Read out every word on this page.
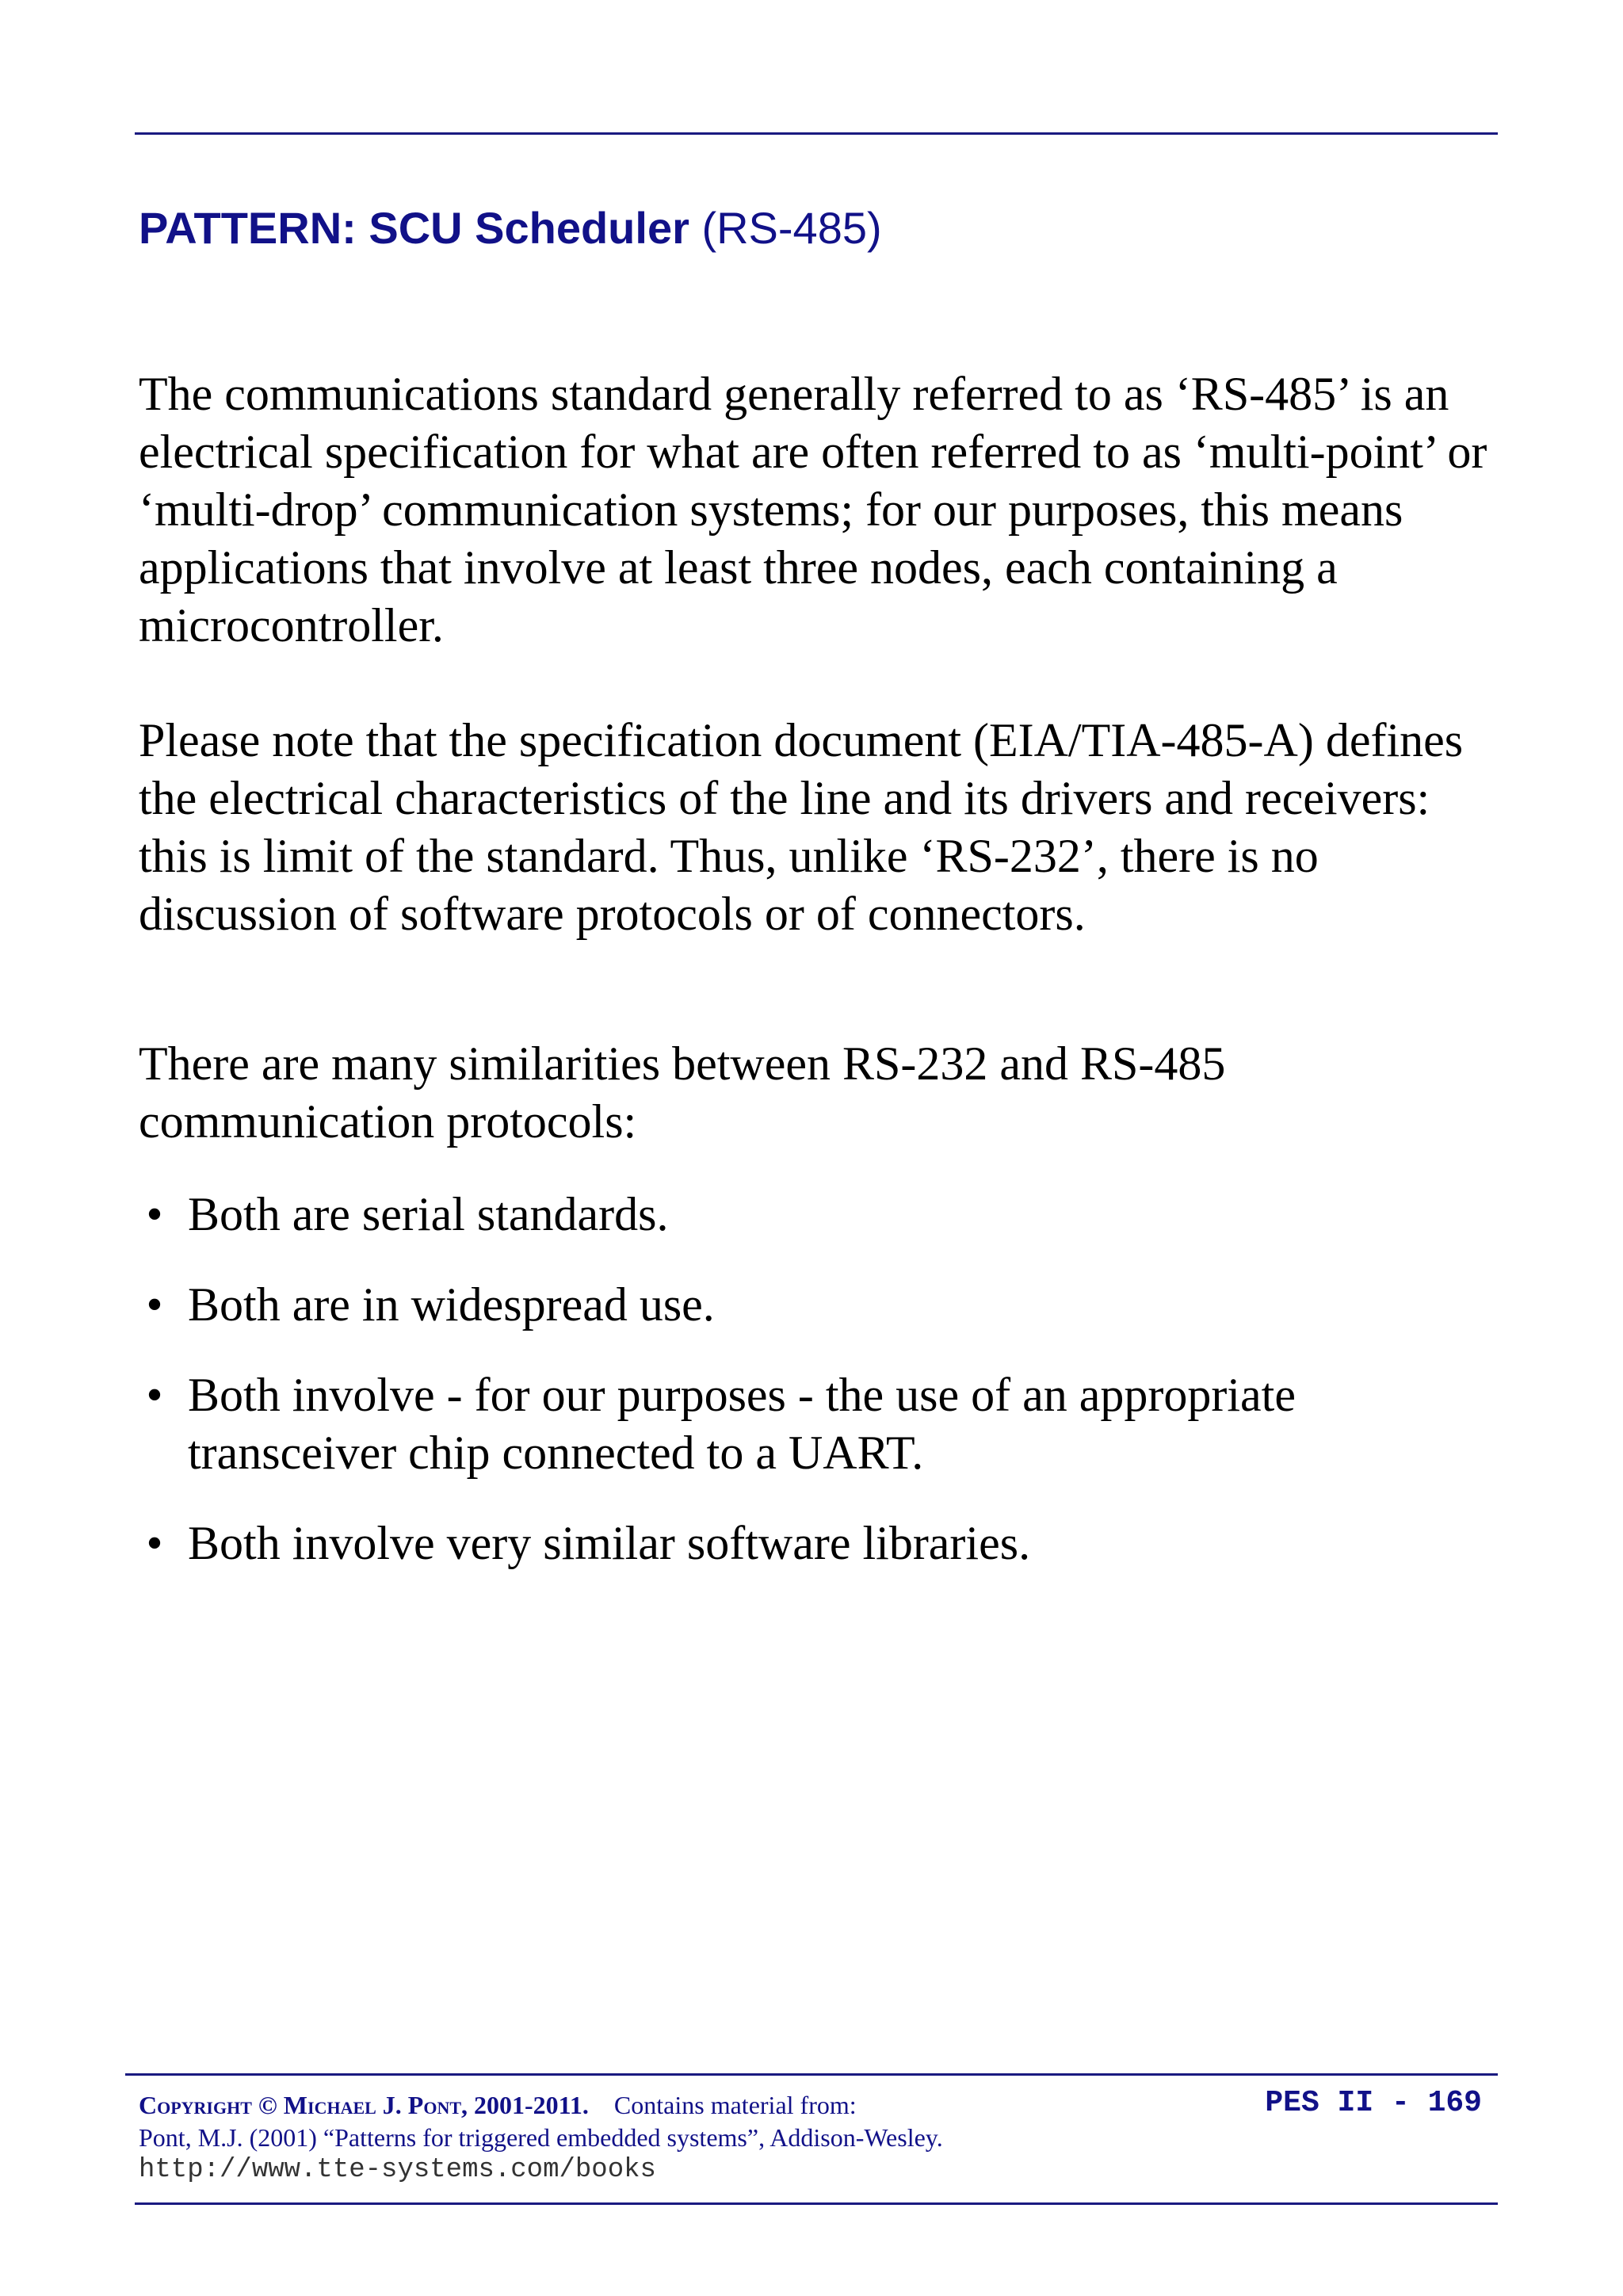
PATTERN: SCU Scheduler (RS-485)

The communications standard generally referred to as ‘RS-485’ is an electrical specification for what are often referred to as ‘multi-point’ or ‘multi-drop’ communication systems; for our purposes, this means applications that involve at least three nodes, each containing a microcontroller.

Please note that the specification document (EIA/TIA-485-A) defines the electrical characteristics of the line and its drivers and receivers: this is limit of the standard. Thus, unlike ‘RS-232’, there is no discussion of software protocols or of connectors.

There are many similarities between RS-232 and RS-485 communication protocols:

• Both are serial standards.
• Both are in widespread use.
• Both involve - for our purposes - the use of an appropriate transceiver chip connected to a UART.
• Both involve very similar software libraries.
Copyright © Michael J. Pont, 2001-2011. Contains material from:
Pont, M.J. (2001) “Patterns for triggered embedded systems”, Addison-Wesley.
http://www.tte-systems.com/books
PES II - 169
